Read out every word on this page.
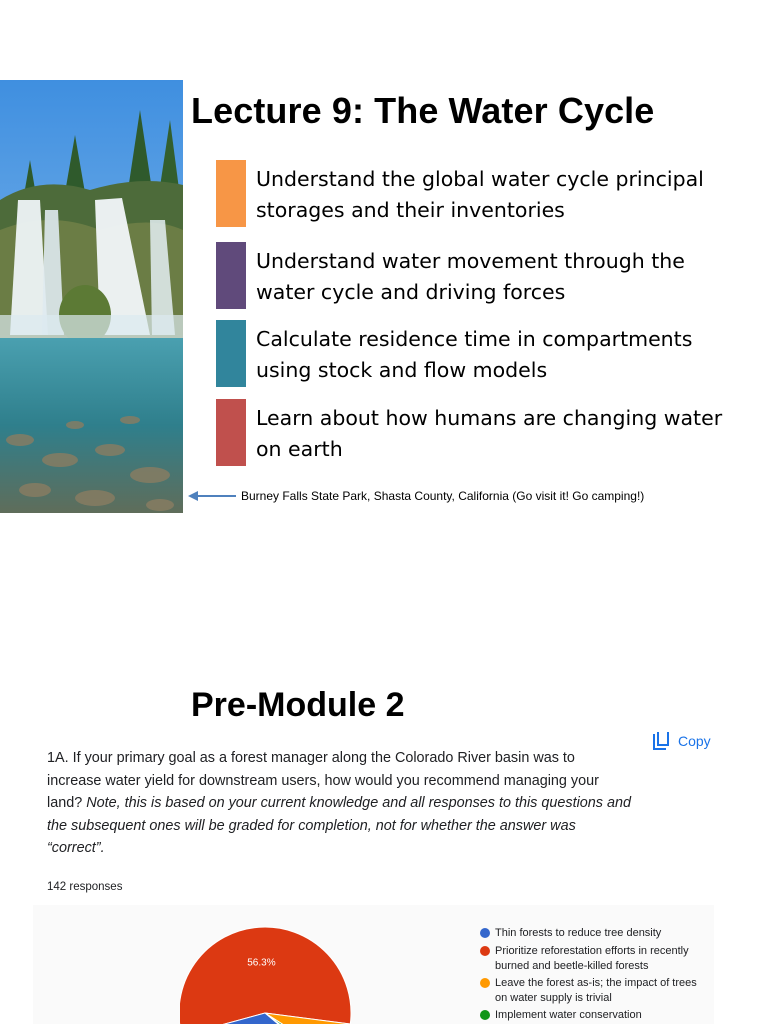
Lecture 9: The Water Cycle
Understand the global water cycle principal storages and their inventories
Understand water movement through the water cycle and driving forces
Calculate residence time in compartments using stock and flow models
Learn about how humans are changing water on earth
Burney Falls State Park, Shasta County, California (Go visit it! Go camping!)
Pre-Module 2
1A. If your primary goal as a forest manager along the Colorado River basin was to increase water yield for downstream users, how would you recommend managing your land? Note, this is based on your current knowledge and all responses to this questions and the subsequent ones will be graded for completion, not for whether the answer was “correct”.
Copy
142 responses
56.3%
Thin forests to reduce tree density
Prioritize reforestation efforts in recently burned and beetle-killed forests
Leave the forest as-is; the impact of trees on water supply is trivial
Implement water conservation
